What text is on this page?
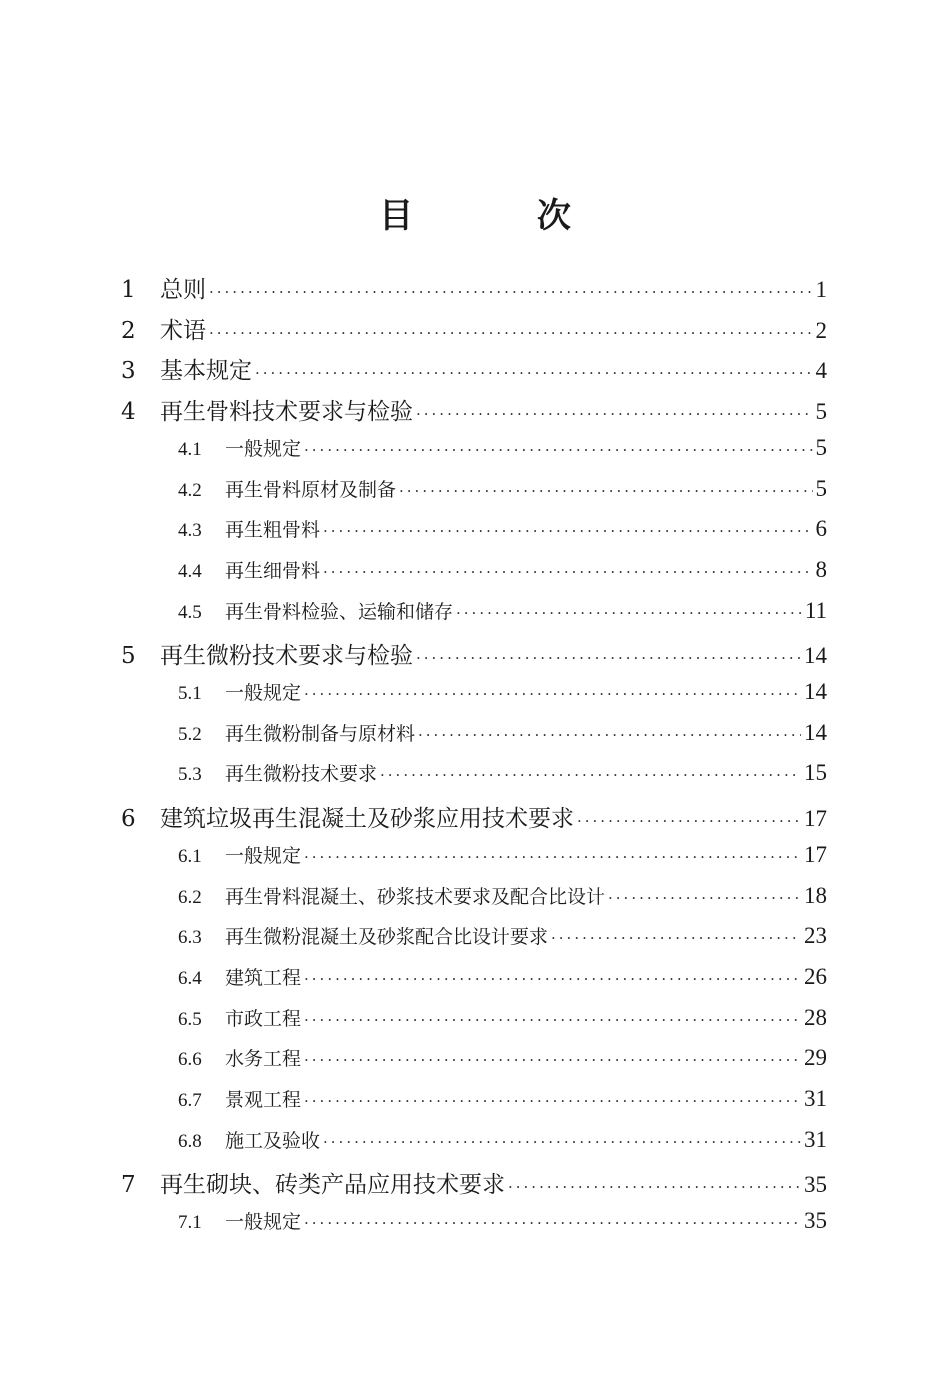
目 次
1	总则 ·····	1
2	术语 ·····	2
3	基本规定 ·····	4
4	再生骨料技术要求与检验 ·····	5
4.1	一般规定 ·····	5
4.2	再生骨料原材及制备 ·····	5
4.3	再生粗骨料 ·····	6
4.4	再生细骨料 ·····	8
4.5	再生骨料检验、运输和储存 ·····	11
5	再生微粉技术要求与检验 ·····	14
5.1	一般规定 ·····	14
5.2	再生微粉制备与原材料 ·····	14
5.3	再生微粉技术要求 ·····	15
6	建筑垃圾再生混凝土及砂浆应用技术要求 ·····	17
6.1	一般规定 ·····	17
6.2	再生骨料混凝土、砂浆技术要求及配合比设计 ·····	18
6.3	再生微粉混凝土及砂浆配合比设计要求 ·····	23
6.4	建筑工程 ·····	26
6.5	市政工程 ·····	28
6.6	水务工程 ·····	29
6.7	景观工程 ·····	31
6.8	施工及验收 ·····	31
7	再生砌块、砖类产品应用技术要求 ·····	35
7.1	一般规定 ·····	35
